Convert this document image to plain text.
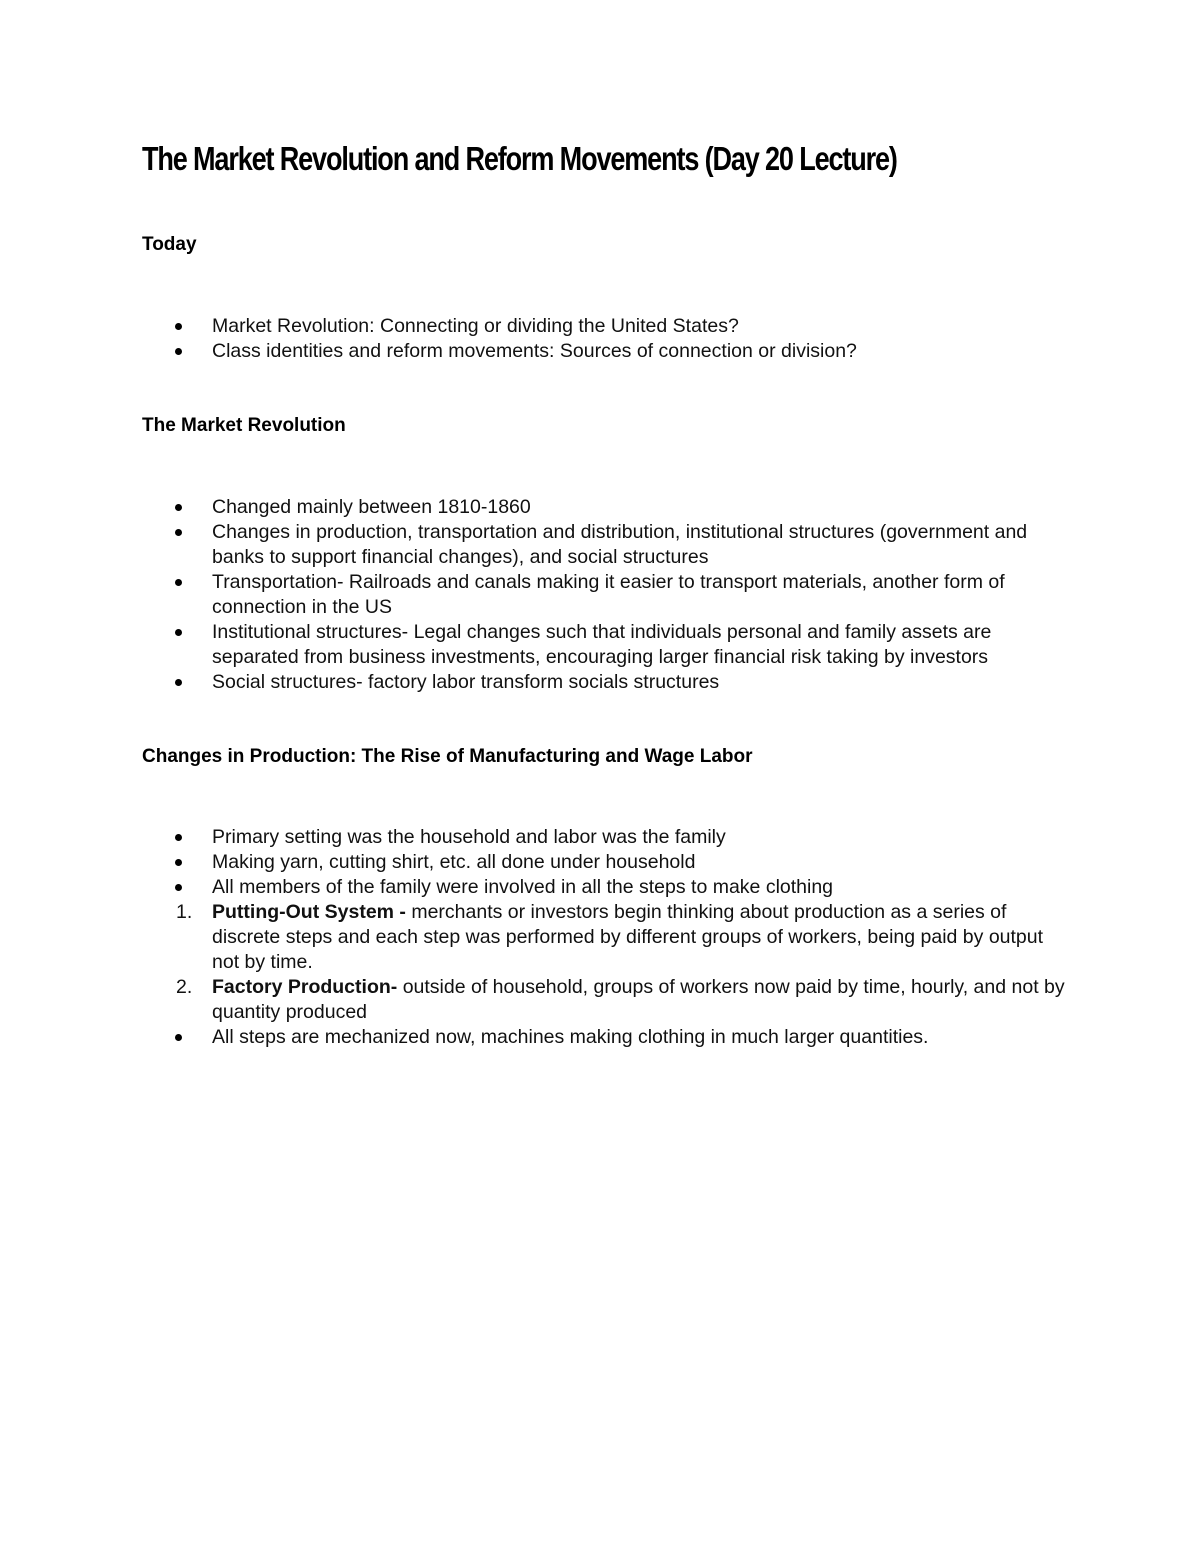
The Market Revolution and Reform Movements (Day 20 Lecture)
Today
Market Revolution: Connecting or dividing the United States?
Class identities and reform movements: Sources of connection or division?
The Market Revolution
Changed mainly between 1810-1860
Changes in production, transportation and distribution, institutional structures (government and banks to support financial changes), and social structures
Transportation- Railroads and canals making it easier to transport materials, another form of connection in the US
Institutional structures- Legal changes such that individuals personal and family assets are separated from business investments, encouraging larger financial risk taking by investors
Social structures- factory labor transform socials structures
Changes in Production: The Rise of Manufacturing and Wage Labor
Primary setting was the household and labor was the family
Making yarn, cutting shirt, etc. all done under household
All members of the family were involved in all the steps to make clothing
1. Putting-Out System - merchants or investors begin thinking about production as a series of discrete steps and each step was performed by different groups of workers, being paid by output not by time.
2. Factory Production- outside of household, groups of workers now paid by time, hourly, and not by quantity produced
All steps are mechanized now, machines making clothing in much larger quantities.
